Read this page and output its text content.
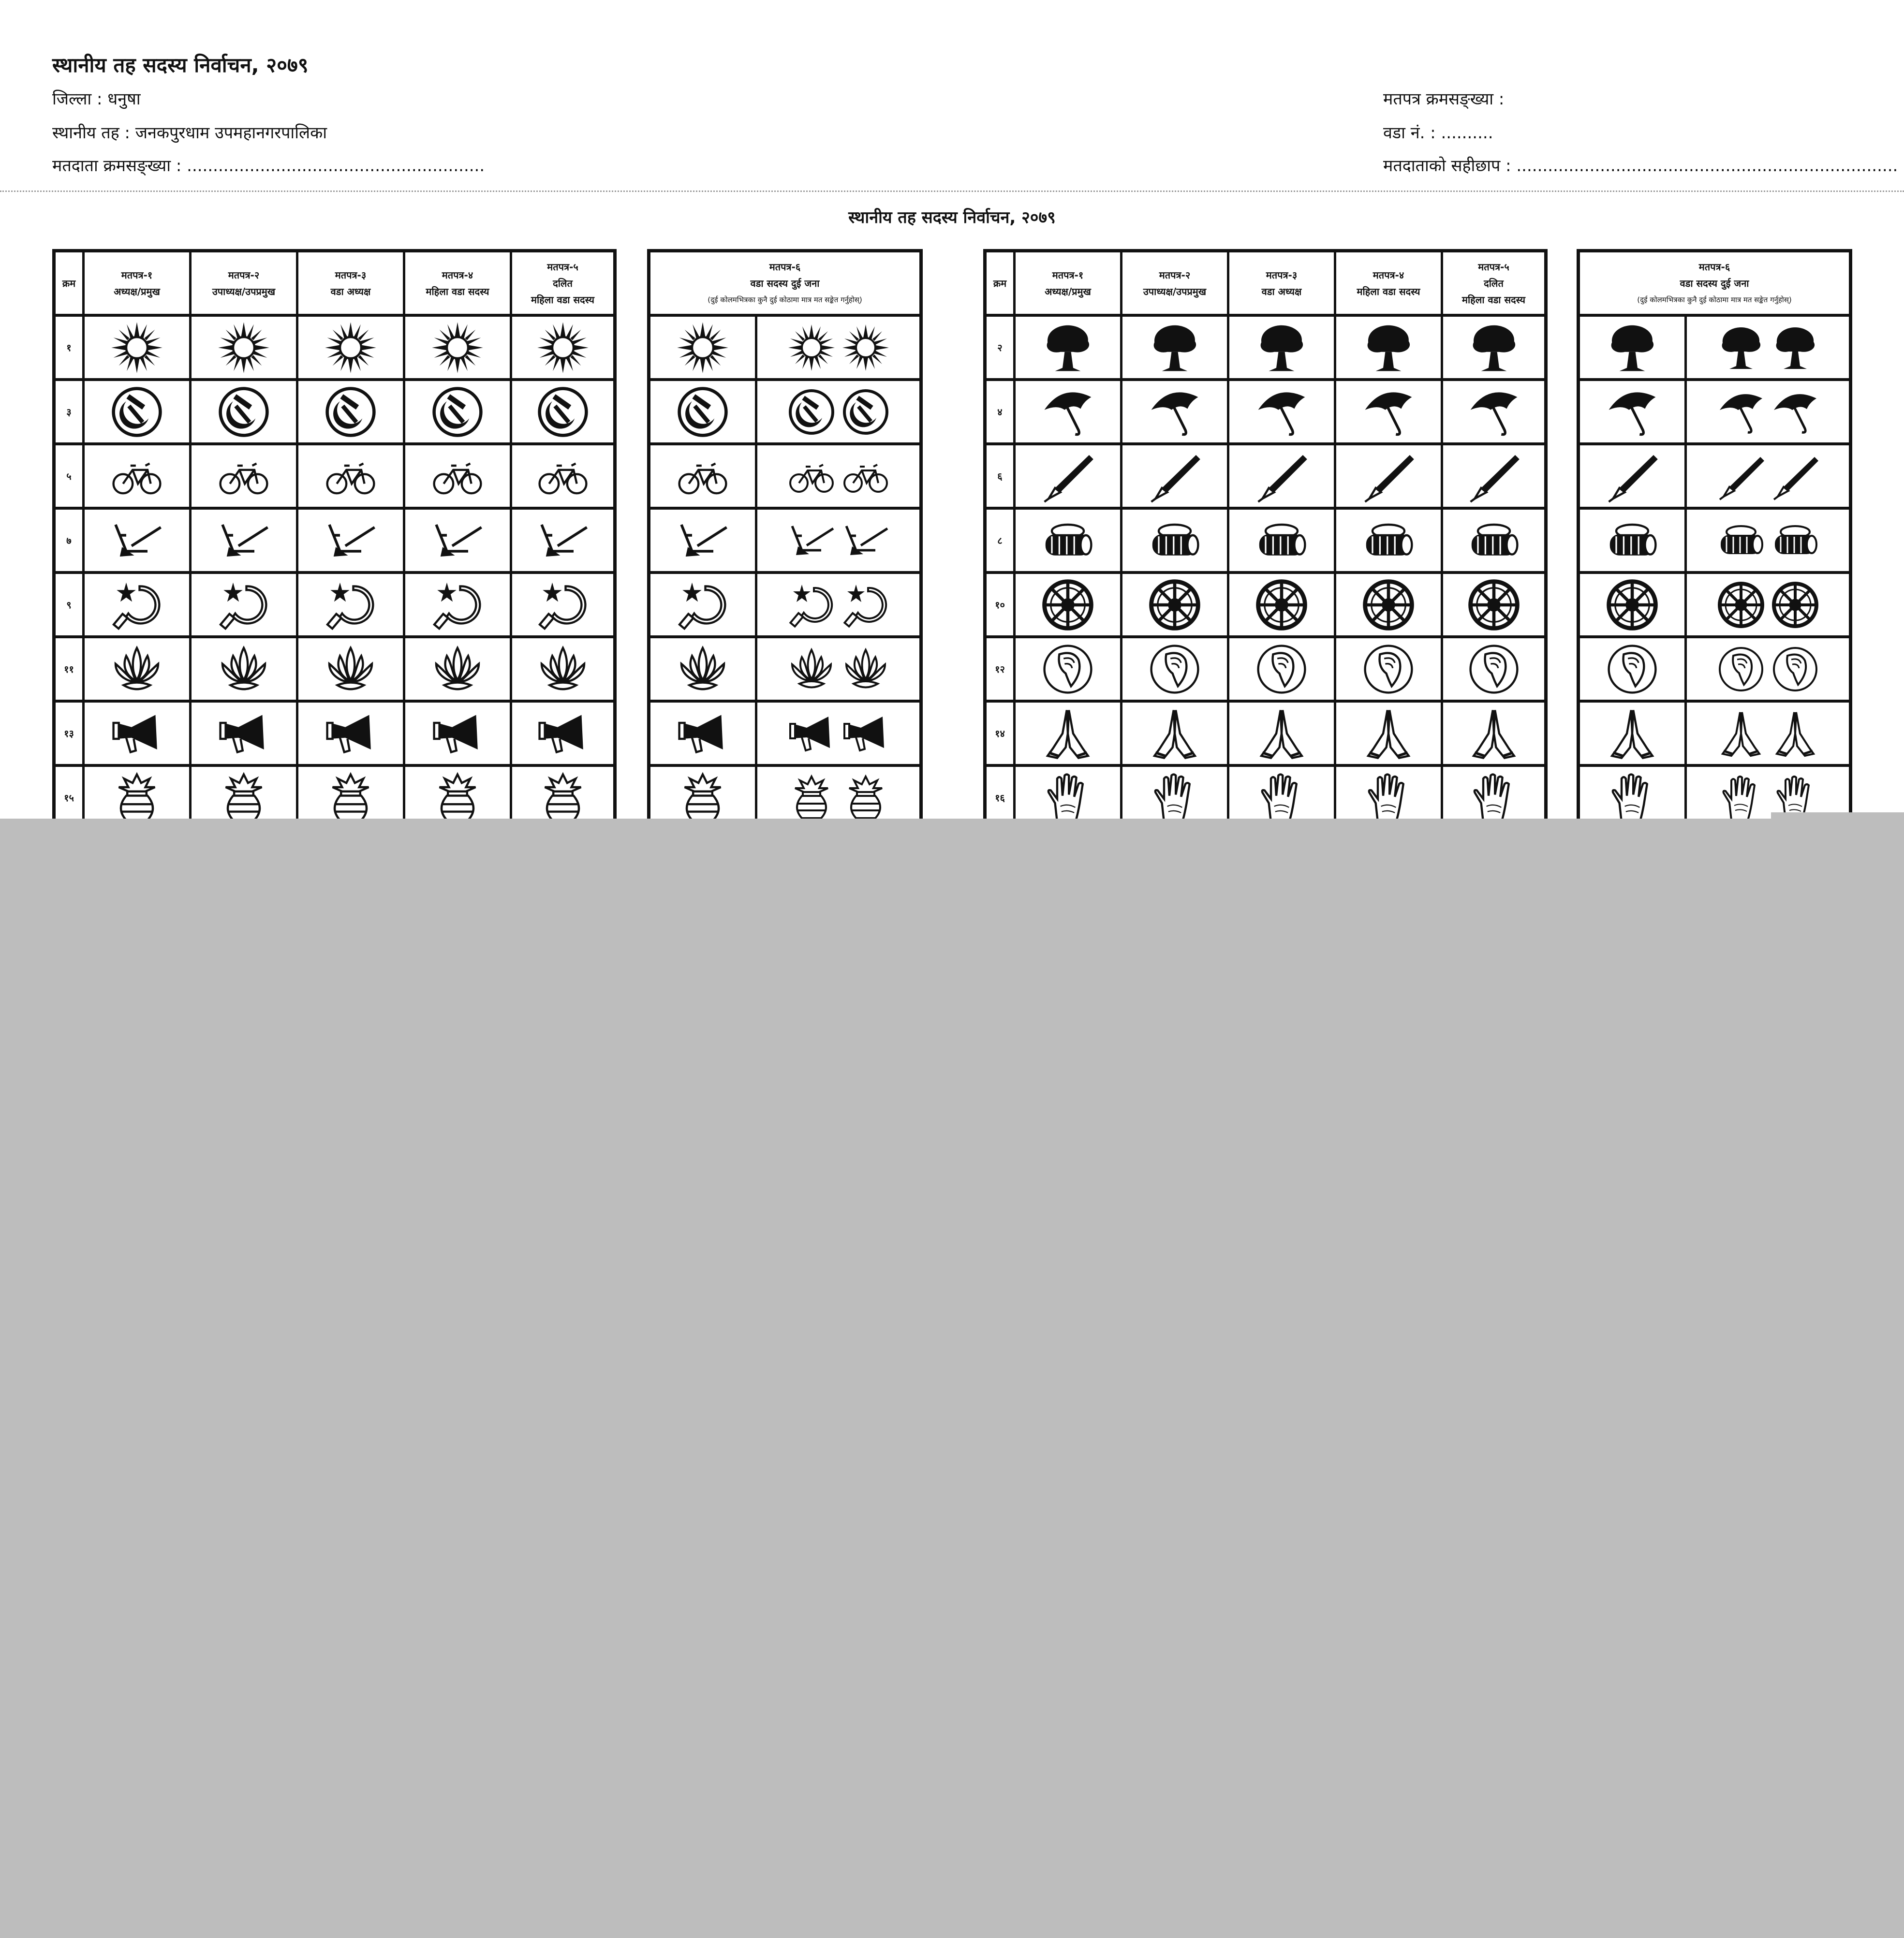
स्थानीय तह सदस्य निर्वाचन, २०७९
जिल्ला : धनुषा
स्थानीय तह : जनकपुरधाम उपमहानगरपालिका
मतदाता क्रमसङ्ख्या : .........................................................
मतपत्र क्रमसङ्ख्या :
वडा नं. : ..........
मतदाताको सहीछाप : .........................................................................
स्थानीय तह सदस्य निर्वाचन, २०७९
क्रम
मतपत्र-१
अध्यक्ष/प्रमुख
मतपत्र-२
उपाध्यक्ष/उपप्रमुख
मतपत्र-३
वडा अध्यक्ष
मतपत्र-४
महिला वडा सदस्य
मतपत्र-५
दलित
महिला वडा सदस्य
१
३
५
७
९
११
१३
१५
मतपत्र-६
वडा सदस्य दुई जना
(दुई कोलमभित्रका कुनै दुई कोठामा मात्र मत सङ्केत गर्नुहोस्)
क्रम
मतपत्र-१
अध्यक्ष/प्रमुख
मतपत्र-२
उपाध्यक्ष/उपप्रमुख
मतपत्र-३
वडा अध्यक्ष
मतपत्र-४
महिला वडा सदस्य
मतपत्र-५
दलित
महिला वडा सदस्य
२
४
६
८
१०
१२
१४
१६
मतपत्र-६
वडा सदस्य दुई जना
(दुई कोलमभित्रका कुनै दुई कोठामा मात्र मत सङ्केत गर्नुहोस्)
